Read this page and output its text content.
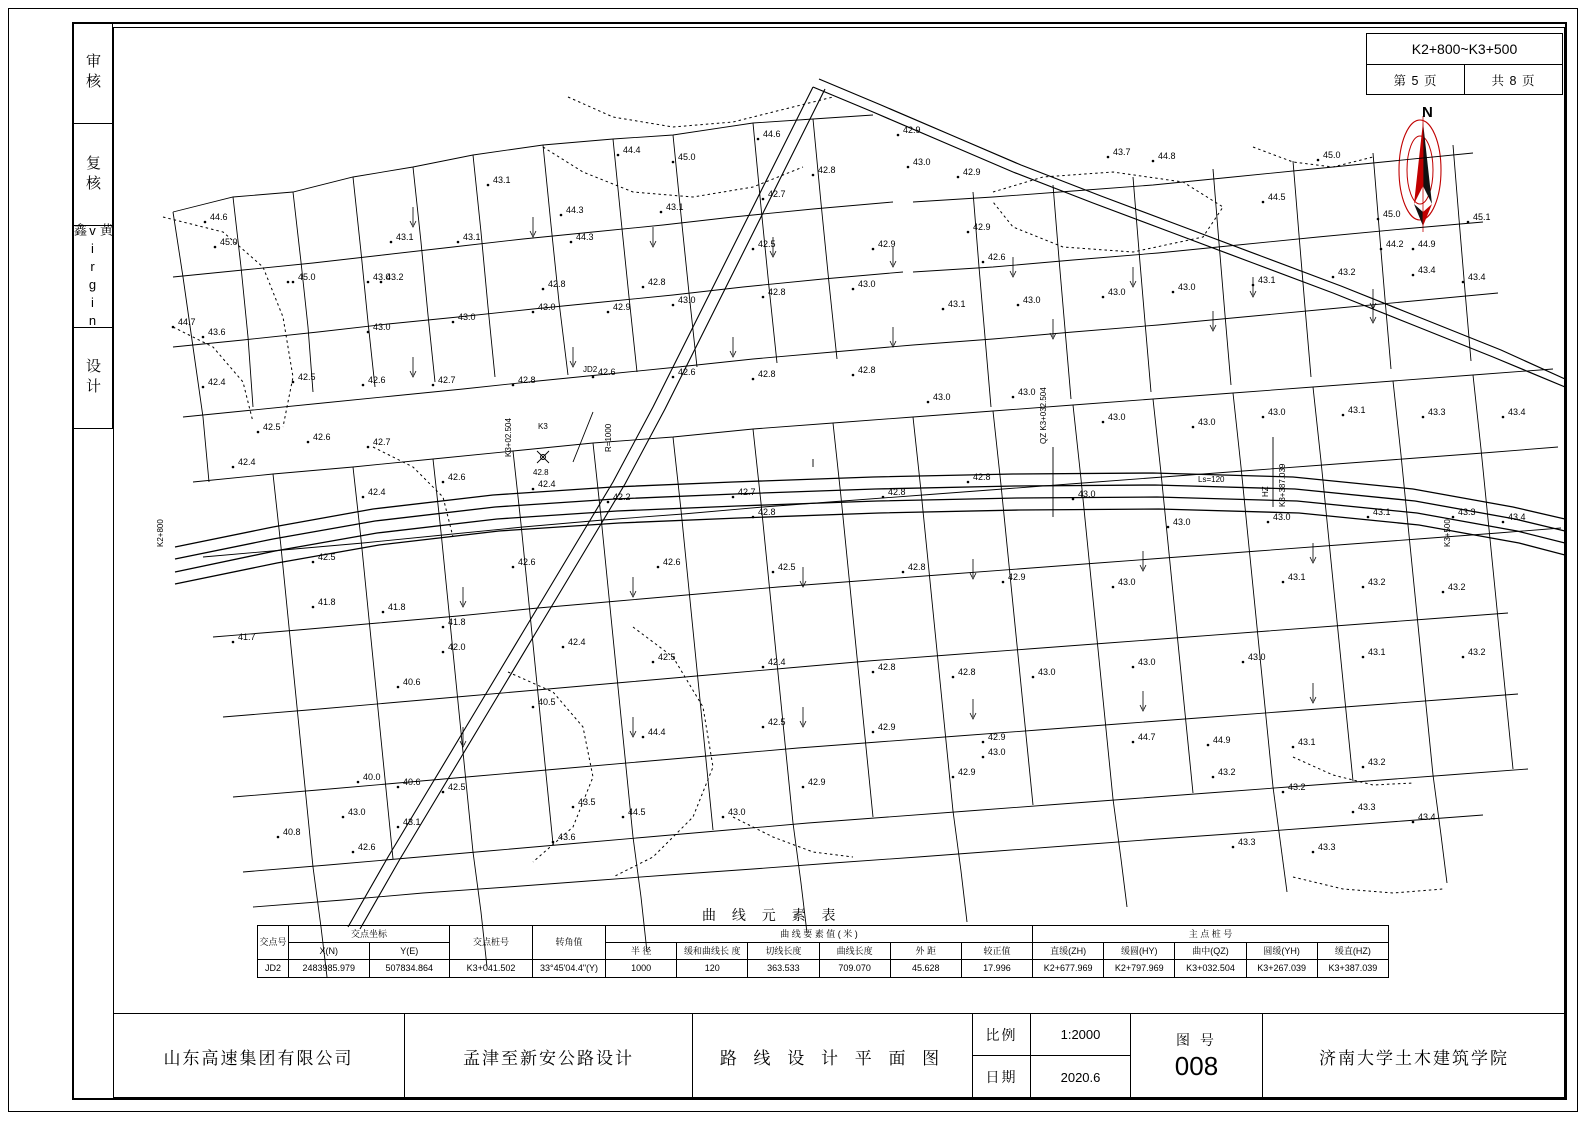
审核
复核
黄virgin鑫
设计
K2+800~K3+500
第 5 页	共 8 页
N
43.1
43.1	43.1
43.2
44.4
45.0
44.6	42.9
43.7	44.8	45.0
44.5
45.0	45.1
44.2 44.9
44.3
44.3
43.1
42.7
42.8
43.0
42.9
42.9
42.6
42.9
42.5
42.8
42.8
45.0
45.0
44.6
44.7
43.6
43.0
43.0
43.0
43.0	42.9
43.0
42.8
43.0
43.1	43.0
43.0	43.0
43.1
43.2	43.4
43.4
42.4	42.5	42.6	42.7	42.8
42.6	42.6	42.8	42.8
43.0	43.0
43.0	43.0
43.0	43.1	43.3	43.4
42.6	42.7
42.5
42.4
42.4
42.6
42.4
42.2	42.7
42.8
42.8
42.8
43.0
43.0	43.0	43.1	43.3	43.4
42.5	42.6	42.6	42.5	42.8
42.9	43.0	43.1	43.2	43.2
41.8	41.8
41.8
41.7
42.0	42.4
42.5	42.4	42.8	42.8	43.0
43.0	43.0	43.1	43.2
40.6
40.5
42.5	42.9
42.9	44.7	44.9	43.1
43.2
43.2
43.2
43.3
43.4
43.3	43.3
40.0
43.0
42.5
40.6
40.8
42.6
43.1
43.6
43.5
44.5	43.0
44.4
42.9
42.9
43.0
JD2
QZ K3+032.504
HZ K3+387.039
Ls=120
R=1000
K3+02.504
K2+800	K3+500
K3
42.8
曲 线 元 素 表
交点号	交点坐标		交点桩号	转角值	曲 线 要 素 值 ( 米 )						主 点 桩 号				
	X(N)	Y(E)			半 径	缓和曲线长 度	切线长度	曲线长度	外 距	较正值	直缓(ZH)	缓圆(HY)	曲中(QZ)	圆缓(YH)	缓直(HZ)
JD2	2483985.979	507834.864	K3+041.502	33°45'04.4"(Y)	1000	120	363.533	709.070	45.628	17.996	K2+677.969	K2+797.969	K3+032.504	K3+267.039	K3+387.039
山东高速集团有限公司	孟津至新安公路设计	路 线 设 计 平 面 图
比例	1:2000
日期	2020.6
图 号
008	济南大学土木建筑学院
